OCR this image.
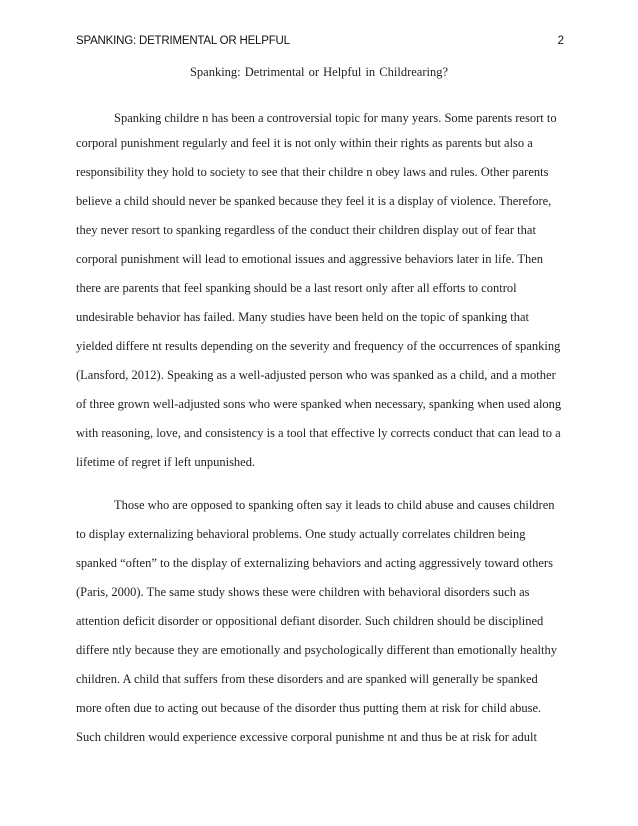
SPANKING: DETRIMENTAL OR HELPFUL	2
Spanking: Detrimental or Helpful in Childrearing?
Spanking childre n has been a controversial topic for many years. Some parents resort to
corporal punishment regularly and feel it is not only within their rights as parents but also a
responsibility they hold to society to see that their childre n obey laws and rules. Other parents
believe a child should never be spanked because they feel it is a display of violence. Therefore,
they never resort to spanking regardless of the conduct their children display out of fear that
corporal punishment will lead to emotional issues and aggressive behaviors later in life. Then
there are parents that feel spanking should be a last resort only after all efforts to control
undesirable behavior has failed. Many studies have been held on the topic of spanking that
yielded differe nt results depending on the severity and frequency of the occurrences of spanking
(Lansford, 2012). Speaking as a well-adjusted person who was spanked as a child, and a mother
of three grown well-adjusted sons who were spanked when necessary, spanking when used along
with reasoning, love, and consistency is a tool that effective ly corrects conduct that can lead to a
lifetime of regret if left unpunished.
Those who are opposed to spanking often say it leads to child abuse and causes children
to display externalizing behavioral problems. One study actually correlates children being
spanked “often” to the display of externalizing behaviors and acting aggressively toward others
(Paris, 2000). The same study shows these were children with behavioral disorders such as
attention deficit disorder or oppositional defiant disorder. Such children should be disciplined
differe ntly because they are emotionally and psychologically different than emotionally healthy
children. A child that suffers from these disorders and are spanked will generally be spanked
more often due to acting out because of the disorder thus putting them at risk for child abuse.
Such children would experience excessive corporal punishme nt and thus be at risk for adult
